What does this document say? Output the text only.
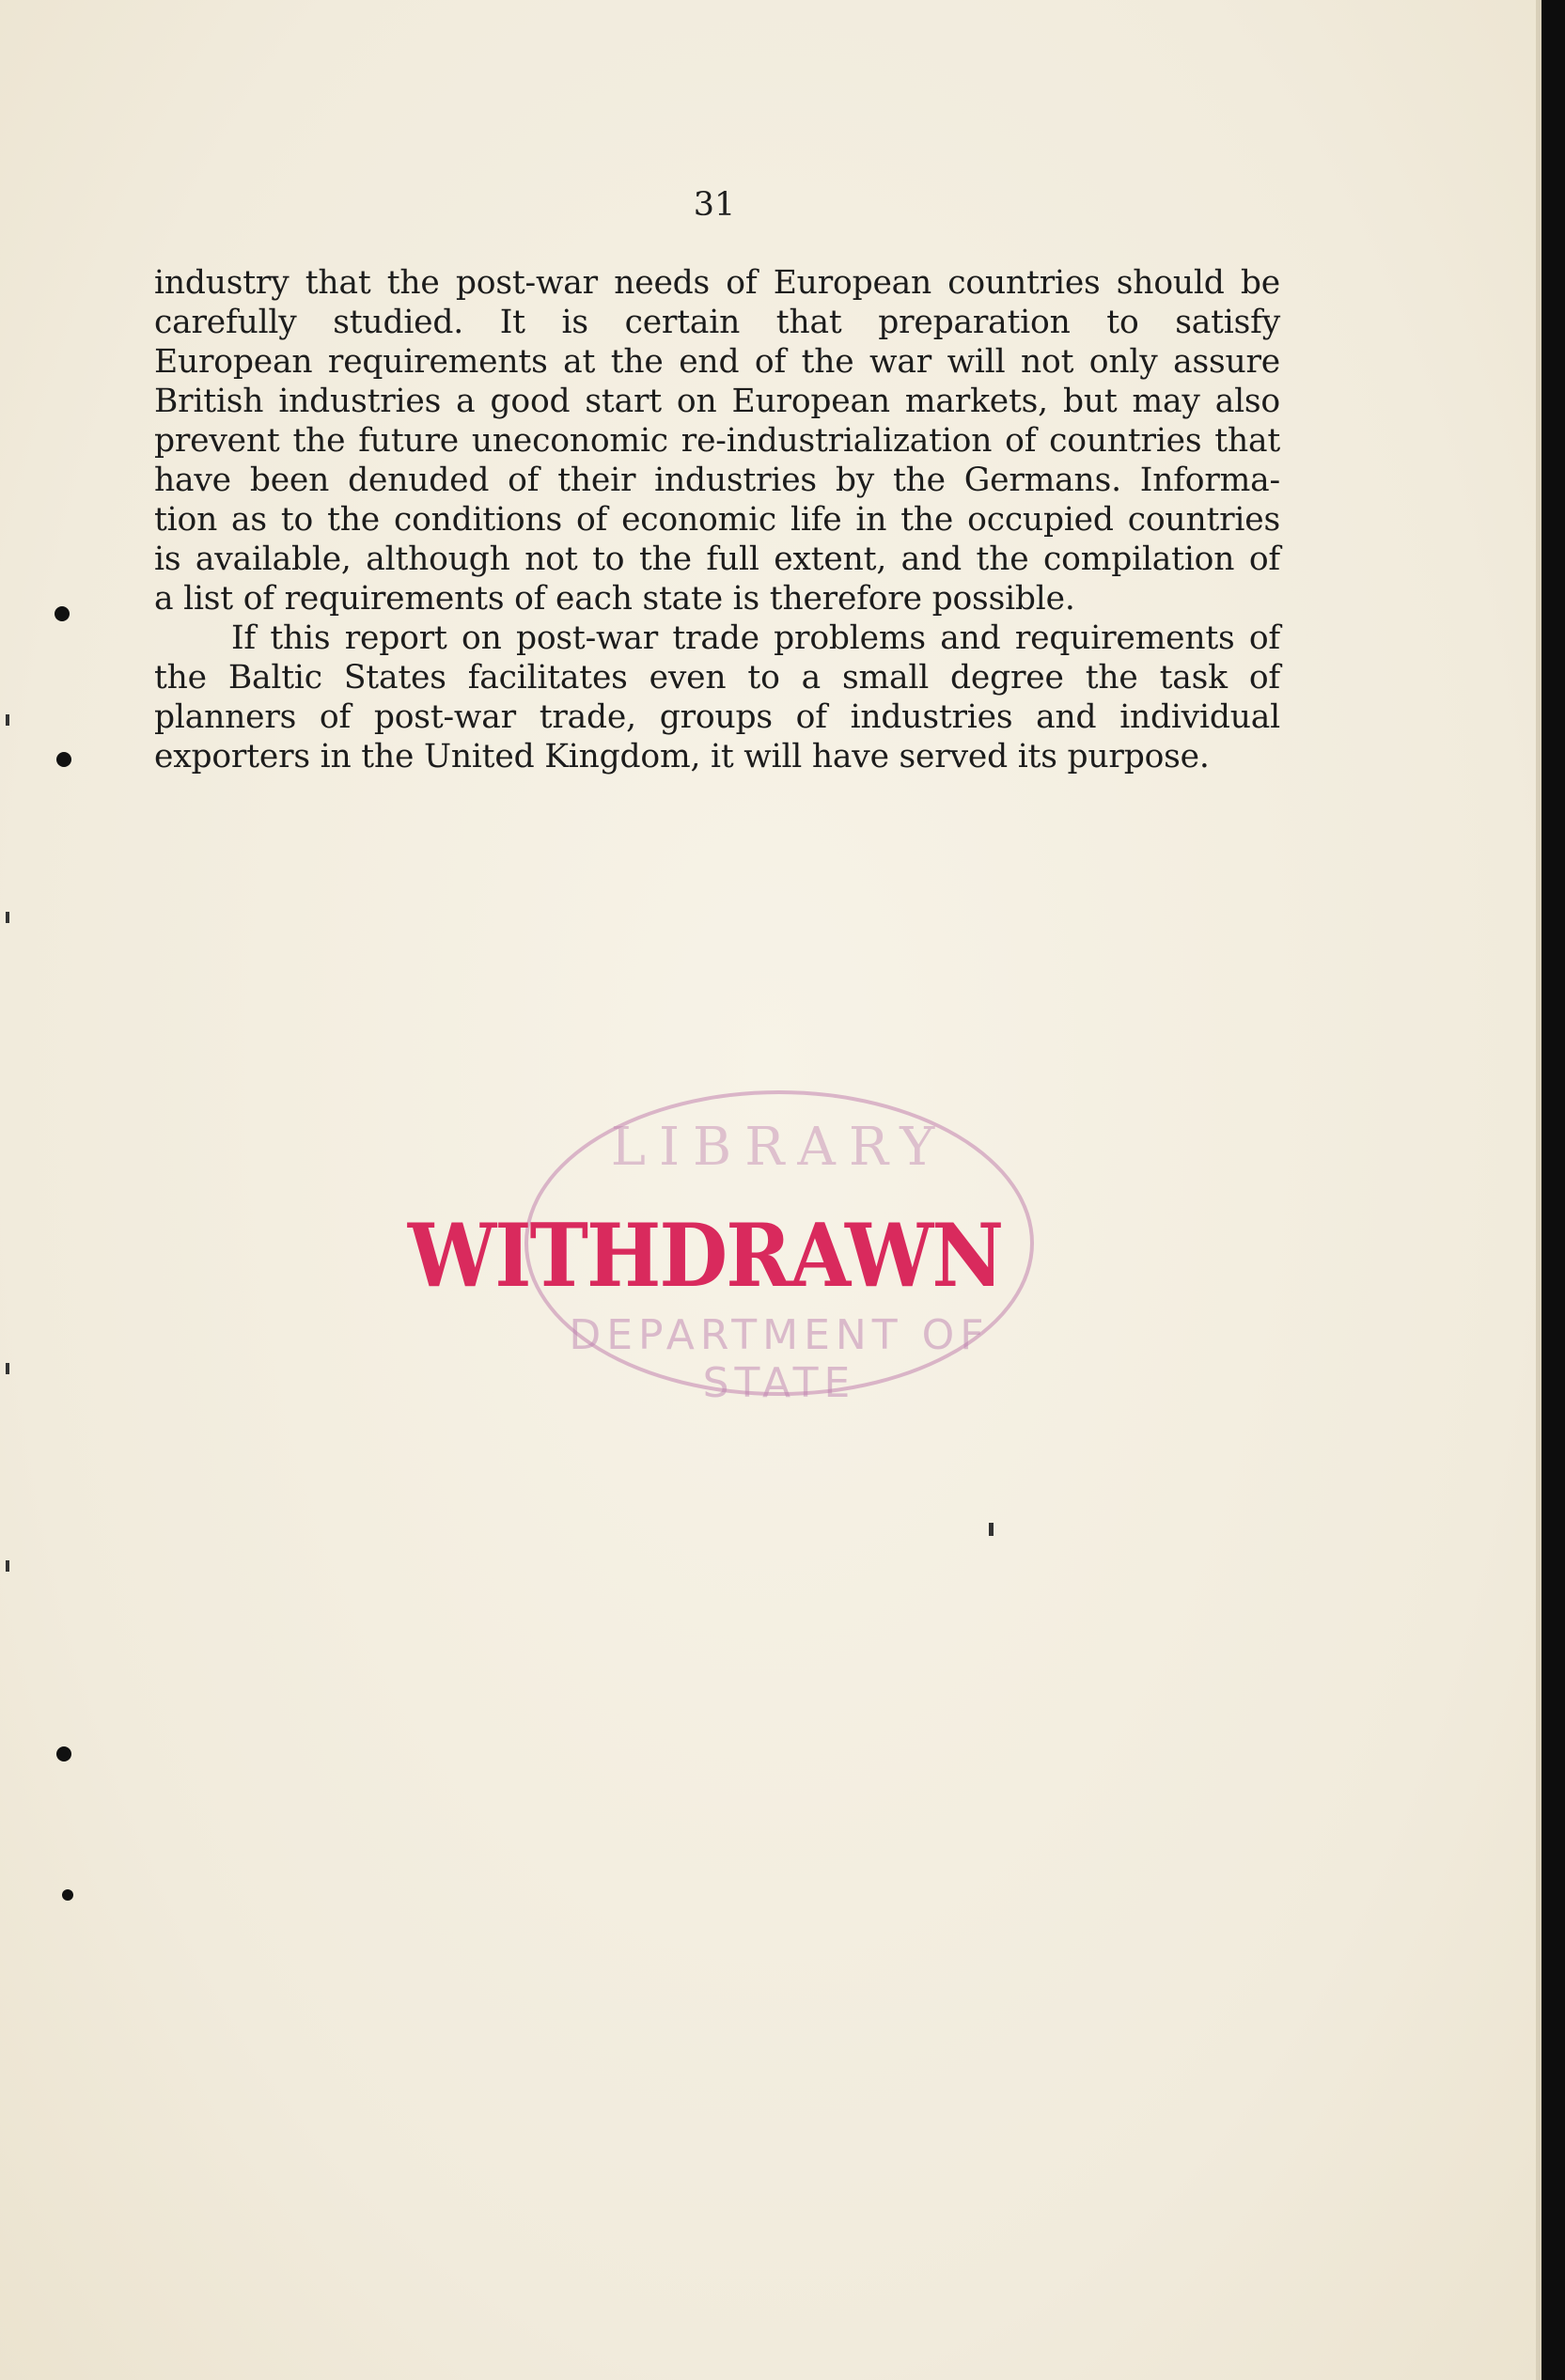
31

industry that the post-war needs of European countries should be
carefully studied. It is certain that preparation to satisfy
European requirements at the end of the war will not only assure
British industries a good start on European markets, but may also
prevent the future uneconomic re-industrialization of countries that
have been denuded of their industries by the Germans. Informa-
tion as to the conditions of economic life in the occupied countries
is available, although not to the full extent, and the compilation of
a list of requirements of each state is therefore possible.

If this report on post-war trade problems and requirements of
the Baltic States facilitates even to a small degree the task of
planners of post-war trade, groups of industries and individual
exporters in the United Kingdom, it will have served its purpose.

LIBRARY
DEPARTMENT OF STATE
WITHDRAWN
